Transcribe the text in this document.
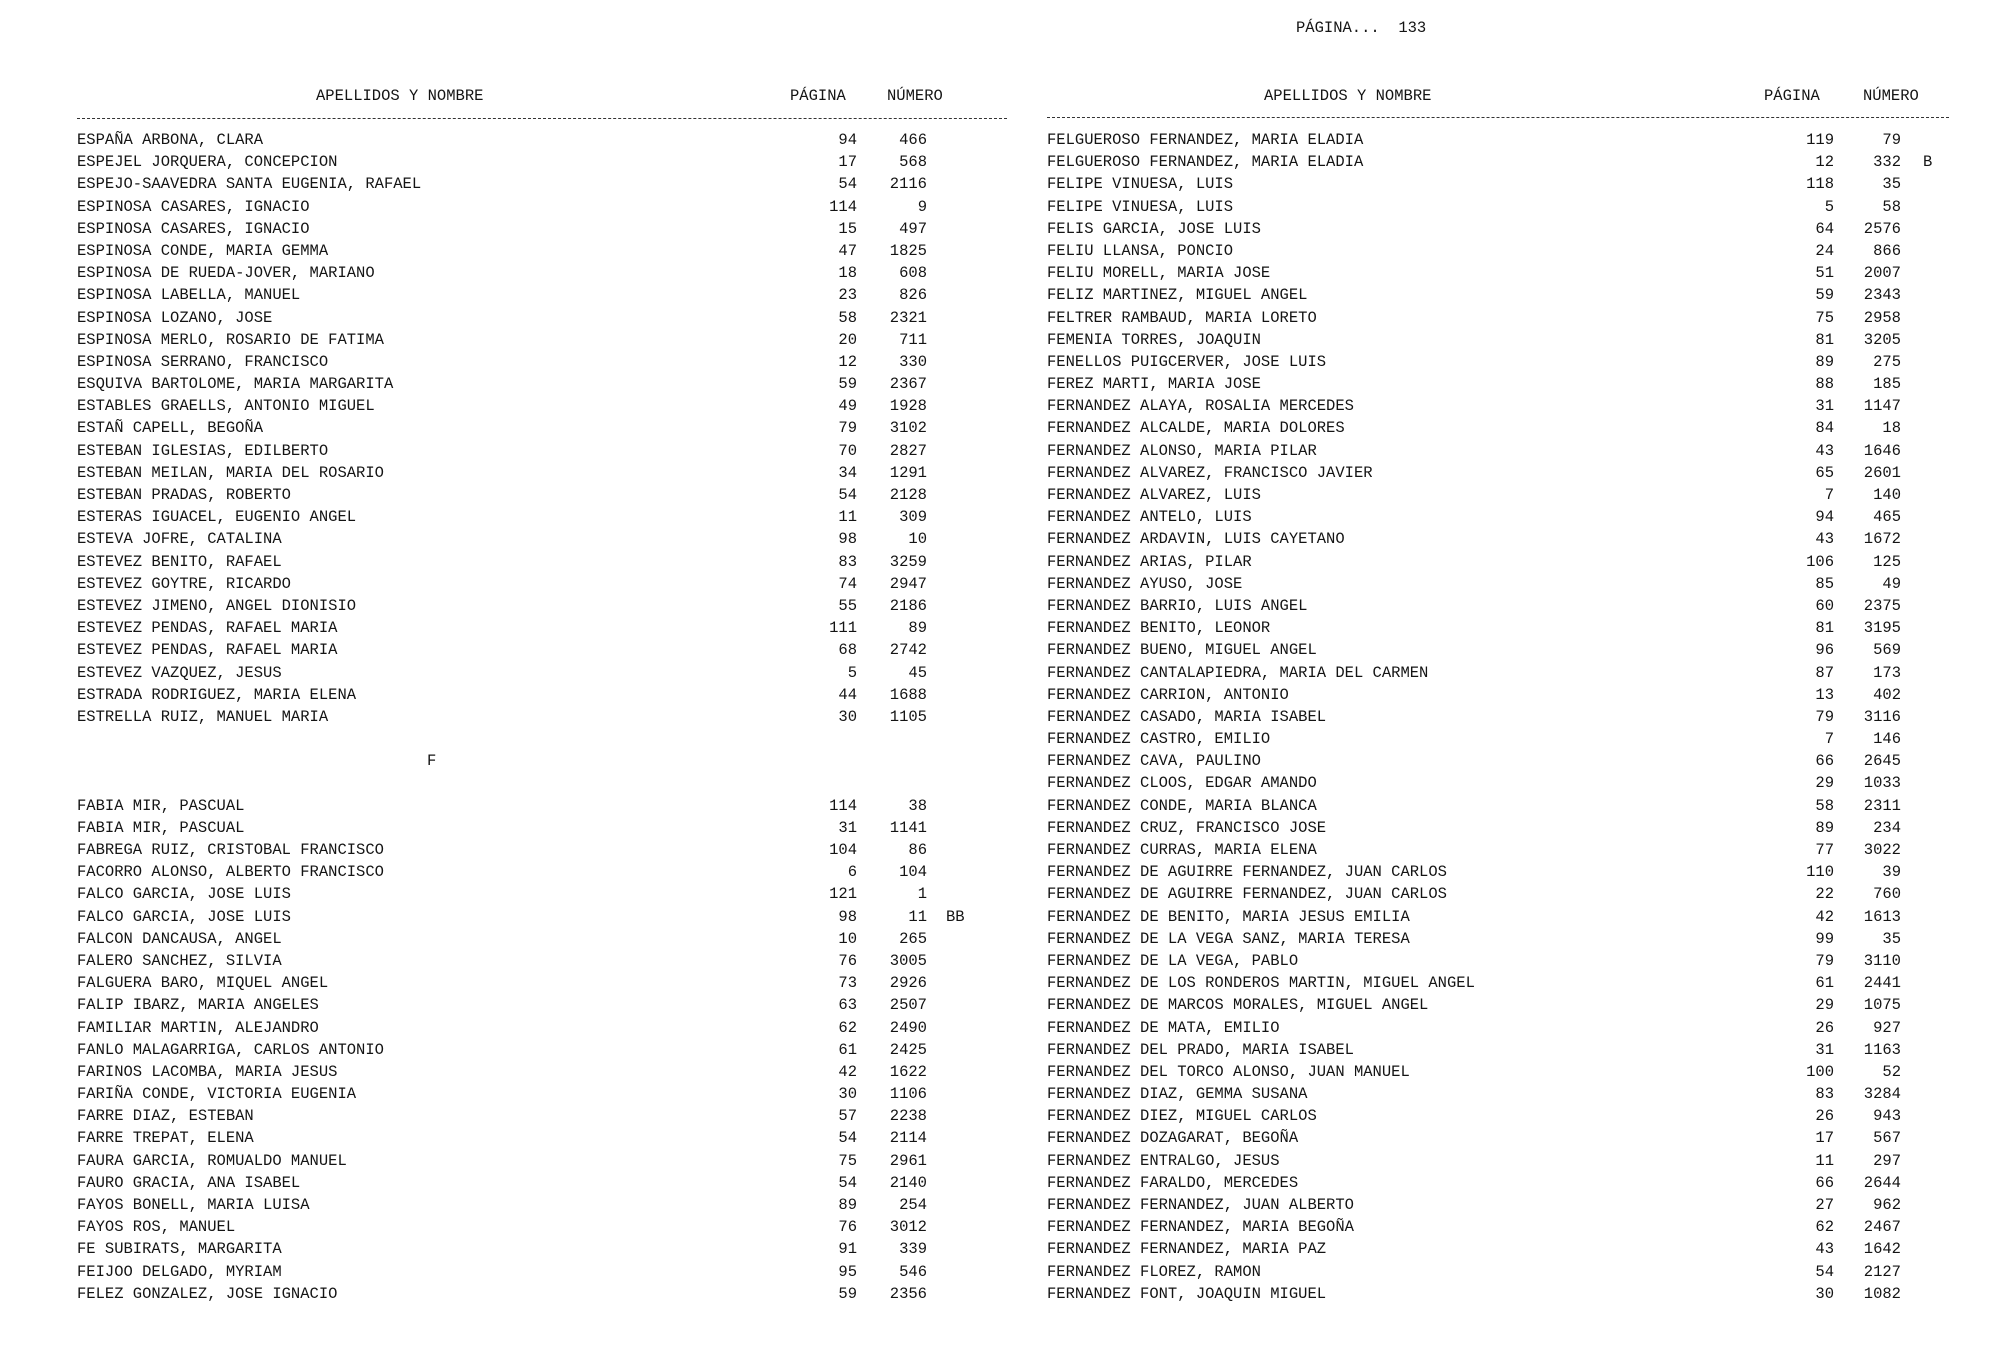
PÁGINA... 133
APELLIDOS Y NOMBRE	PÁGINA	NÚMERO	APELLIDOS Y NOMBRE	PÁGINA	NÚMERO
ESPAÑA ARBONA, CLARA	94	466
ESPEJEL JORQUERA, CONCEPCION	17	568
ESPEJO-SAAVEDRA SANTA EUGENIA, RAFAEL	54	2116
ESPINOSA CASARES, IGNACIO	114	9
ESPINOSA CASARES, IGNACIO	15	497
ESPINOSA CONDE, MARIA GEMMA	47	1825
ESPINOSA DE RUEDA-JOVER, MARIANO	18	608
ESPINOSA LABELLA, MANUEL	23	826
ESPINOSA LOZANO, JOSE	58	2321
ESPINOSA MERLO, ROSARIO DE FATIMA	20	711
ESPINOSA SERRANO, FRANCISCO	12	330
ESQUIVA BARTOLOME, MARIA MARGARITA	59	2367
ESTABLES GRAELLS, ANTONIO MIGUEL	49	1928
ESTAÑ CAPELL, BEGOÑA	79	3102
ESTEBAN IGLESIAS, EDILBERTO	70	2827
ESTEBAN MEILAN, MARIA DEL ROSARIO	34	1291
ESTEBAN PRADAS, ROBERTO	54	2128
ESTERAS IGUACEL, EUGENIO ANGEL	11	309
ESTEVA JOFRE, CATALINA	98	10
ESTEVEZ BENITO, RAFAEL	83	3259
ESTEVEZ GOYTRE, RICARDO	74	2947
ESTEVEZ JIMENO, ANGEL DIONISIO	55	2186
ESTEVEZ PENDAS, RAFAEL MARIA	111	89
ESTEVEZ PENDAS, RAFAEL MARIA	68	2742
ESTEVEZ VAZQUEZ, JESUS	5	45
ESTRADA RODRIGUEZ, MARIA ELENA	44	1688
ESTRELLA RUIZ, MANUEL MARIA	30	1105
F
FABIA MIR, PASCUAL	114	38
FABIA MIR, PASCUAL	31	1141
FABREGA RUIZ, CRISTOBAL FRANCISCO	104	86
FACORRO ALONSO, ALBERTO FRANCISCO	6	104
FALCO GARCIA, JOSE LUIS	121	1
FALCO GARCIA, JOSE LUIS	98	11 BB
FALCON DANCAUSA, ANGEL	10	265
FALERO SANCHEZ, SILVIA	76	3005
FALGUERA BARO, MIQUEL ANGEL	73	2926
FALIP IBARZ, MARIA ANGELES	63	2507
FAMILIAR MARTIN, ALEJANDRO	62	2490
FANLO MALAGARRIGA, CARLOS ANTONIO	61	2425
FARINOS LACOMBA, MARIA JESUS	42	1622
FARIÑA CONDE, VICTORIA EUGENIA	30	1106
FARRE DIAZ, ESTEBAN	57	2238
FARRE TREPAT, ELENA	54	2114
FAURA GARCIA, ROMUALDO MANUEL	75	2961
FAURO GRACIA, ANA ISABEL	54	2140
FAYOS BONELL, MARIA LUISA	89	254
FAYOS ROS, MANUEL	76	3012
FE SUBIRATS, MARGARITA	91	339
FEIJOO DELGADO, MYRIAM	95	546
FELEZ GONZALEZ, JOSE IGNACIO	59	2356
FELGUEROSO FERNANDEZ, MARIA ELADIA	119	79
FELGUEROSO FERNANDEZ, MARIA ELADIA	12	332 B
FELIPE VINUESA, LUIS	118	35
FELIPE VINUESA, LUIS	5	58
FELIS GARCIA, JOSE LUIS	64	2576
FELIU LLANSA, PONCIO	24	866
FELIU MORELL, MARIA JOSE	51	2007
FELIZ MARTINEZ, MIGUEL ANGEL	59	2343
FELTRER RAMBAUD, MARIA LORETO	75	2958
FEMENIA TORRES, JOAQUIN	81	3205
FENELLOS PUIGCERVER, JOSE LUIS	89	275
FEREZ MARTI, MARIA JOSE	88	185
FERNANDEZ ALAYA, ROSALIA MERCEDES	31	1147
FERNANDEZ ALCALDE, MARIA DOLORES	84	18
FERNANDEZ ALONSO, MARIA PILAR	43	1646
FERNANDEZ ALVAREZ, FRANCISCO JAVIER	65	2601
FERNANDEZ ALVAREZ, LUIS	7	140
FERNANDEZ ANTELO, LUIS	94	465
FERNANDEZ ARDAVIN, LUIS CAYETANO	43	1672
FERNANDEZ ARIAS, PILAR	106	125
FERNANDEZ AYUSO, JOSE	85	49
FERNANDEZ BARRIO, LUIS ANGEL	60	2375
FERNANDEZ BENITO, LEONOR	81	3195
FERNANDEZ BUENO, MIGUEL ANGEL	96	569
FERNANDEZ CANTALAPIEDRA, MARIA DEL CARMEN	87	173
FERNANDEZ CARRION, ANTONIO	13	402
FERNANDEZ CASADO, MARIA ISABEL	79	3116
FERNANDEZ CASTRO, EMILIO	7	146
FERNANDEZ CAVA, PAULINO	66	2645
FERNANDEZ CLOOS, EDGAR AMANDO	29	1033
FERNANDEZ CONDE, MARIA BLANCA	58	2311
FERNANDEZ CRUZ, FRANCISCO JOSE	89	234
FERNANDEZ CURRAS, MARIA ELENA	77	3022
FERNANDEZ DE AGUIRRE FERNANDEZ, JUAN CARLOS	110	39
FERNANDEZ DE AGUIRRE FERNANDEZ, JUAN CARLOS	22	760
FERNANDEZ DE BENITO, MARIA JESUS EMILIA	42	1613
FERNANDEZ DE LA VEGA SANZ, MARIA TERESA	99	35
FERNANDEZ DE LA VEGA, PABLO	79	3110
FERNANDEZ DE LOS RONDEROS MARTIN, MIGUEL ANGEL	61	2441
FERNANDEZ DE MARCOS MORALES, MIGUEL ANGEL	29	1075
FERNANDEZ DE MATA, EMILIO	26	927
FERNANDEZ DEL PRADO, MARIA ISABEL	31	1163
FERNANDEZ DEL TORCO ALONSO, JUAN MANUEL	100	52
FERNANDEZ DIAZ, GEMMA SUSANA	83	3284
FERNANDEZ DIEZ, MIGUEL CARLOS	26	943
FERNANDEZ DOZAGARAT, BEGOÑA	17	567
FERNANDEZ ENTRALGO, JESUS	11	297
FERNANDEZ FARALDO, MERCEDES	66	2644
FERNANDEZ FERNANDEZ, JUAN ALBERTO	27	962
FERNANDEZ FERNANDEZ, MARIA BEGOÑA	62	2467
FERNANDEZ FERNANDEZ, MARIA PAZ	43	1642
FERNANDEZ FLOREZ, RAMON	54	2127
FERNANDEZ FONT, JOAQUIN MIGUEL	30	1082
